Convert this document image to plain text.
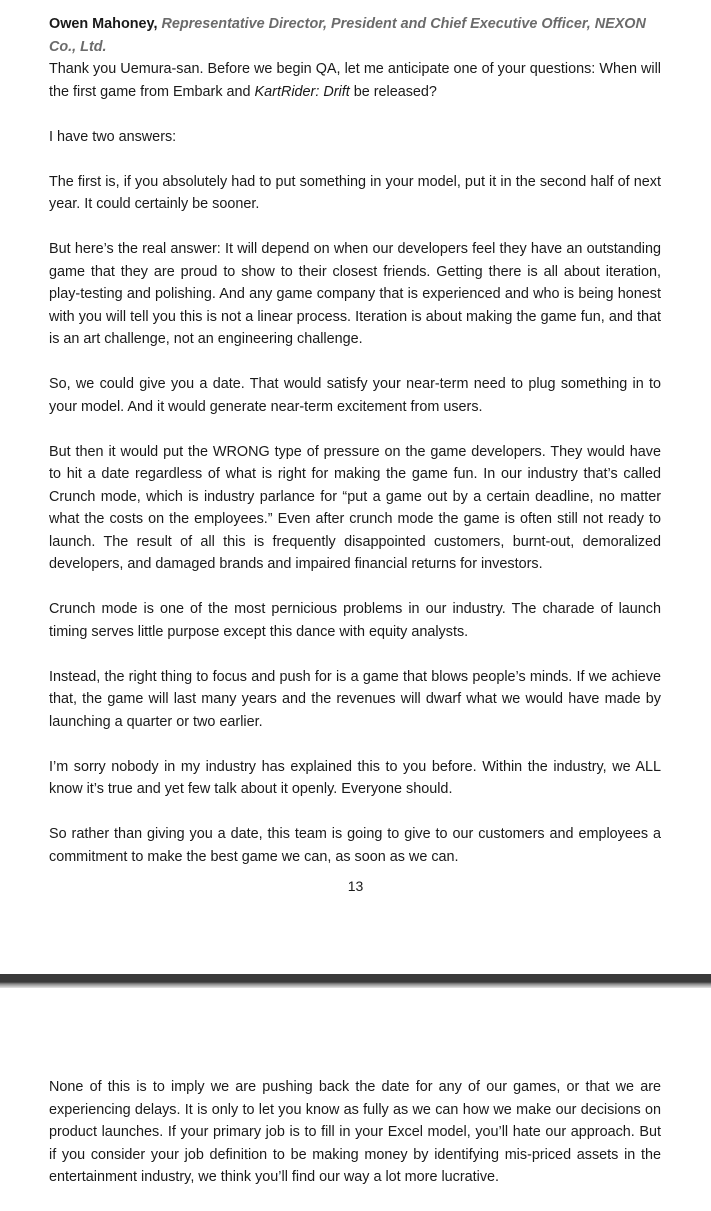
Owen Mahoney, Representative Director, President and Chief Executive Officer, NEXON Co., Ltd.

Thank you Uemura-san. Before we begin QA, let me anticipate one of your questions: When will the first game from Embark and KartRider: Drift be released?

I have two answers:

The first is, if you absolutely had to put something in your model, put it in the second half of next year. It could certainly be sooner.

But here’s the real answer: It will depend on when our developers feel they have an outstanding game that they are proud to show to their closest friends. Getting there is all about iteration, play-testing and polishing. And any game company that is experienced and who is being honest with you will tell you this is not a linear process. Iteration is about making the game fun, and that is an art challenge, not an engineering challenge.

So, we could give you a date. That would satisfy your near-term need to plug something in to your model. And it would generate near-term excitement from users.

But then it would put the WRONG type of pressure on the game developers. They would have to hit a date regardless of what is right for making the game fun. In our industry that’s called Crunch mode, which is industry parlance for “put a game out by a certain deadline, no matter what the costs on the employees.” Even after crunch mode the game is often still not ready to launch. The result of all this is frequently disappointed customers, burnt-out, demoralized developers, and damaged brands and impaired financial returns for investors.

Crunch mode is one of the most pernicious problems in our industry. The charade of launch timing serves little purpose except this dance with equity analysts.

Instead, the right thing to focus and push for is a game that blows people’s minds. If we achieve that, the game will last many years and the revenues will dwarf what we would have made by launching a quarter or two earlier.

I’m sorry nobody in my industry has explained this to you before. Within the industry, we ALL know it’s true and yet few talk about it openly. Everyone should.

So rather than giving you a date, this team is going to give to our customers and employees a commitment to make the best game we can, as soon as we can.

13

None of this is to imply we are pushing back the date for any of our games, or that we are experiencing delays. It is only to let you know as fully as we can how we make our decisions on product launches. If your primary job is to fill in your Excel model, you’ll hate our approach. But if you consider your job definition to be making money by identifying mis-priced assets in the entertainment industry, we think you’ll find our way a lot more lucrative.
